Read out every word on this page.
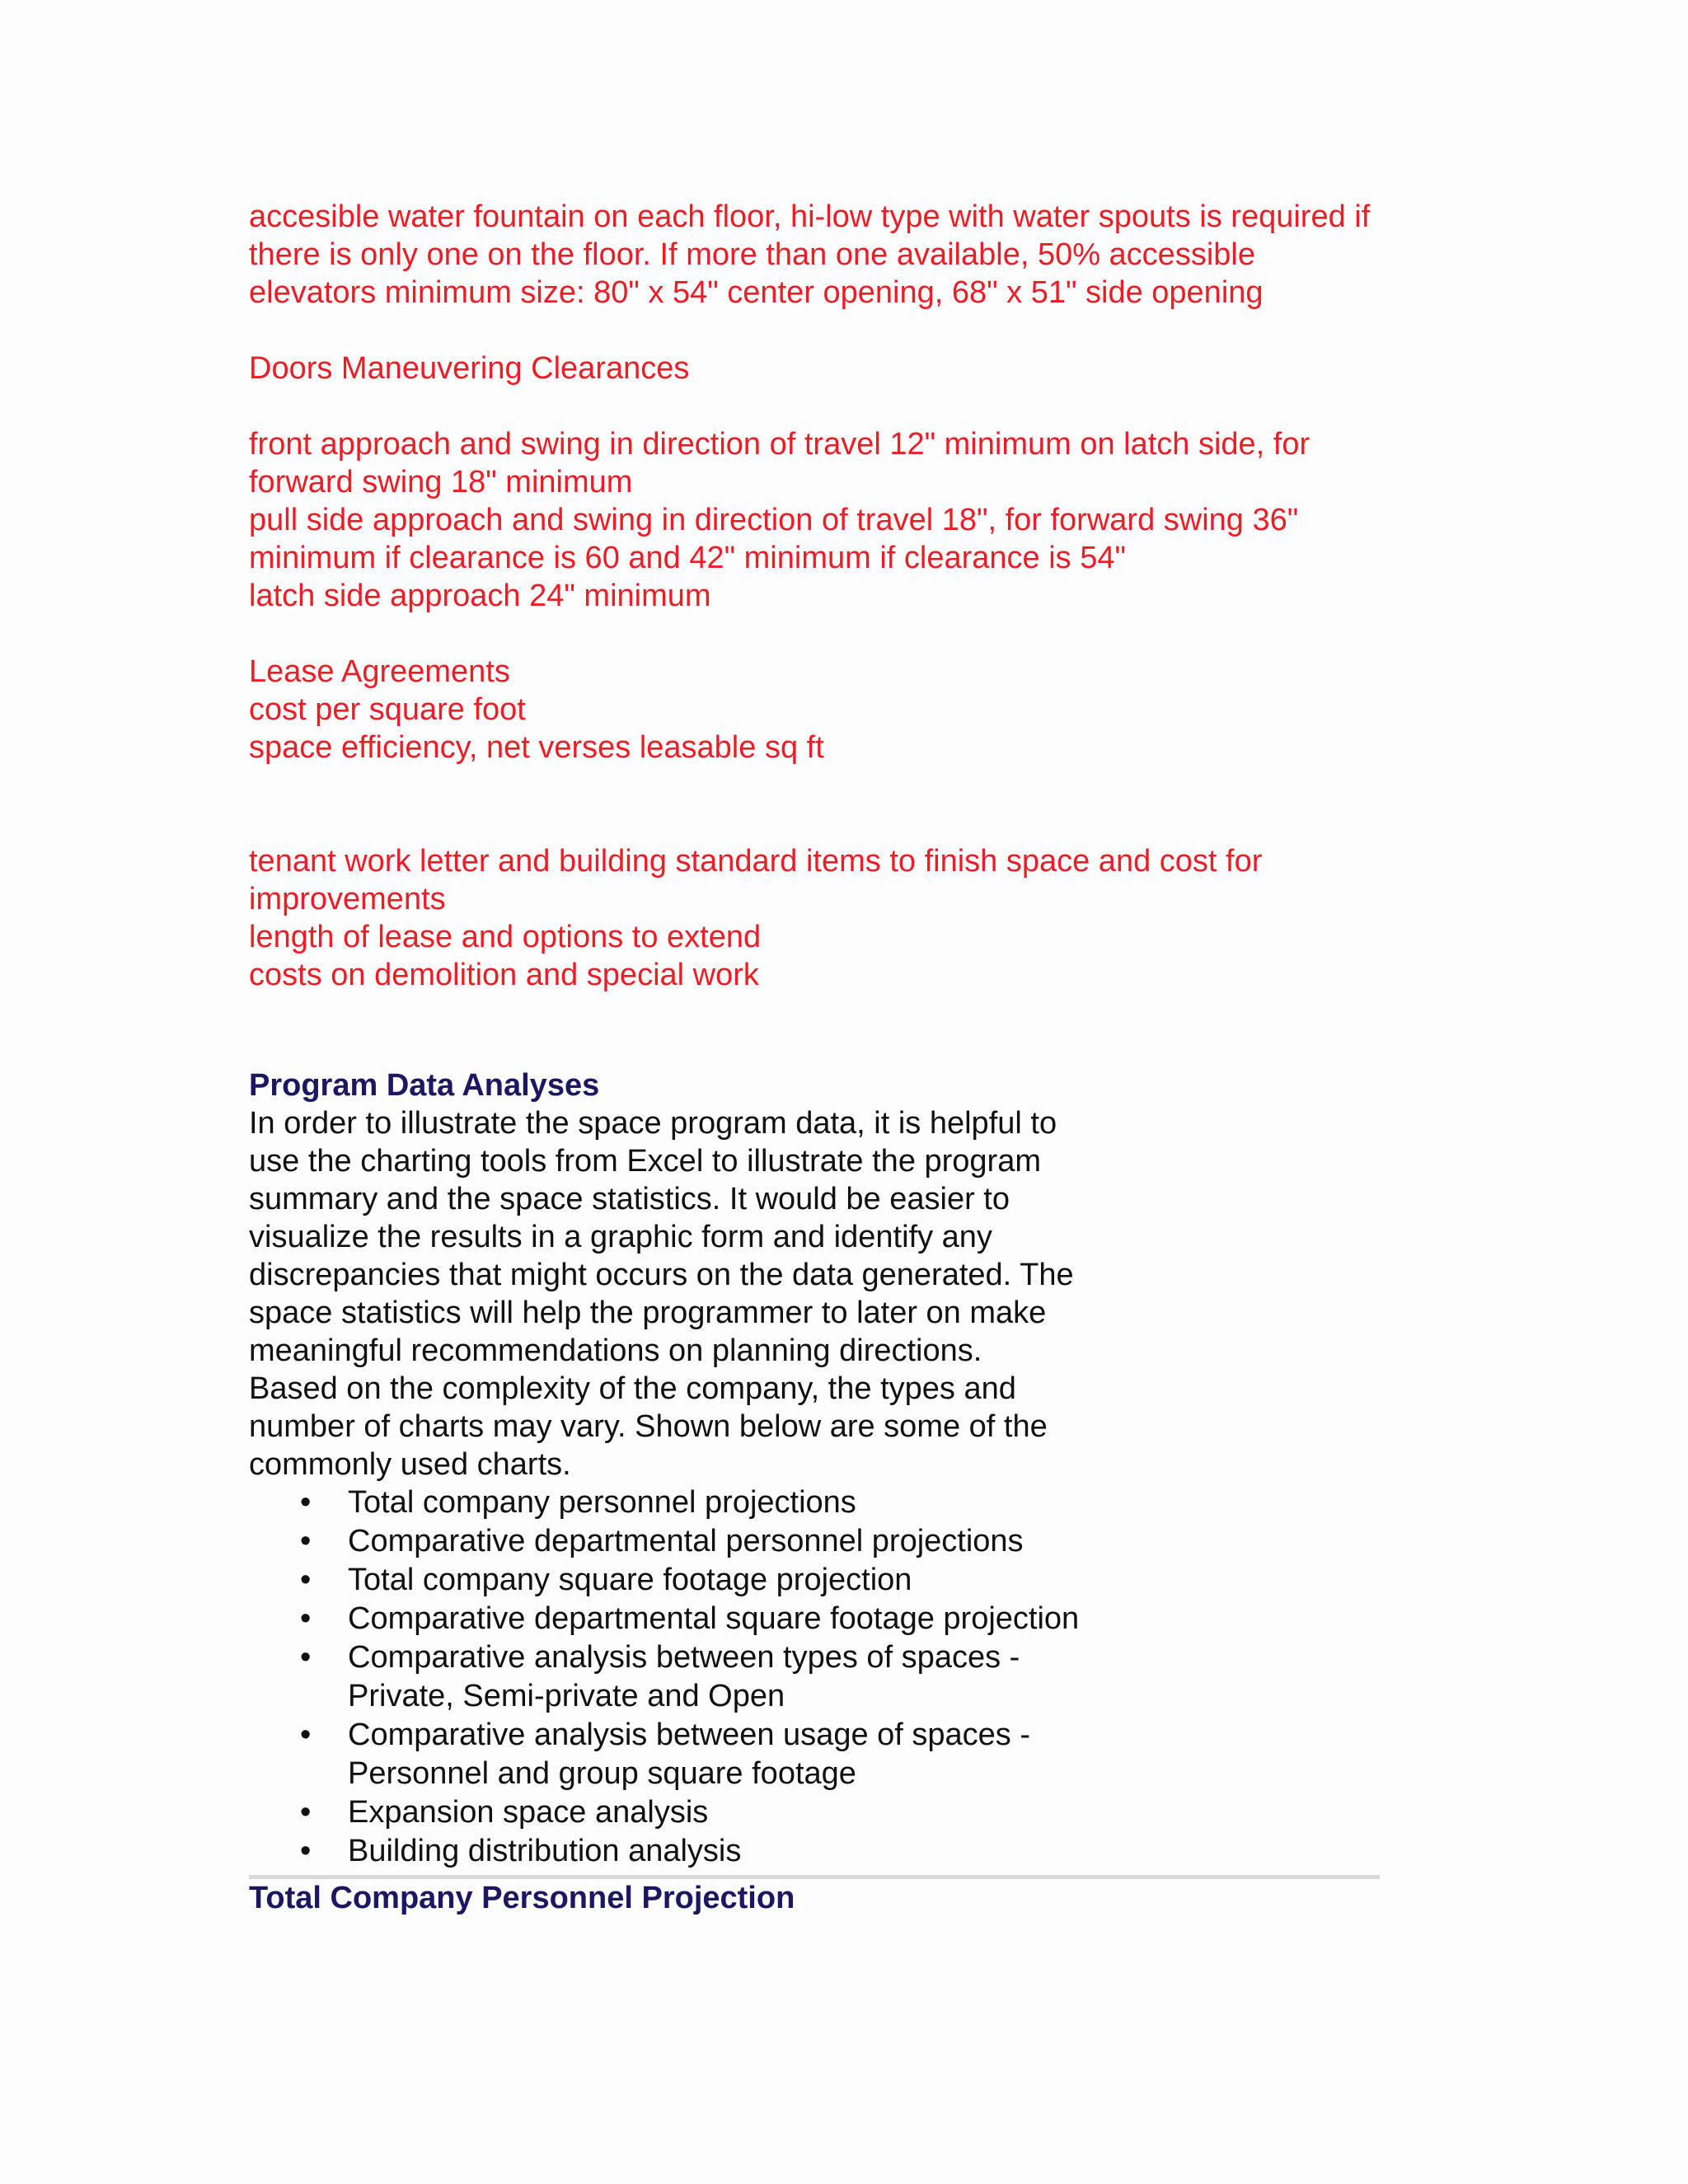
accesible water fountain on each floor, hi-low type with water spouts is required if

there is only one on the floor. If more than one available, 50% accessible

elevators minimum size: 80" x 54" center opening, 68" x 51" side opening

Doors Maneuvering Clearances

front approach and swing in direction of travel 12" minimum on latch side, for

forward swing 18" minimum

pull side approach and swing in direction of travel 18", for forward swing 36"

minimum if clearance is 60 and 42" minimum if clearance is 54"

latch side approach 24" minimum

Lease Agreements

cost per square foot

space efficiency, net verses leasable sq ft

tenant work letter and building standard items to finish space and cost for

improvements

length of lease and options to extend

costs on demolition and special work

Program Data Analyses

In order to illustrate the space program data, it is helpful to

use the charting tools from Excel to illustrate the program

summary and the space statistics. It would be easier to

visualize the results in a graphic form and identify any

discrepancies that might occurs on the data generated. The

space statistics will help the programmer to later on make

meaningful recommendations on planning directions.

Based on the complexity of the company, the types and

number of charts may vary. Shown below are some of the

commonly used charts.

• Total company personnel projections
• Comparative departmental personnel projections
• Total company square footage projection
• Comparative departmental square footage projection
• Comparative analysis between types of spaces - Private, Semi-private and Open
• Comparative analysis between usage of spaces - Personnel and group square footage
• Expansion space analysis
• Building distribution analysis

Total Company Personnel Projection
